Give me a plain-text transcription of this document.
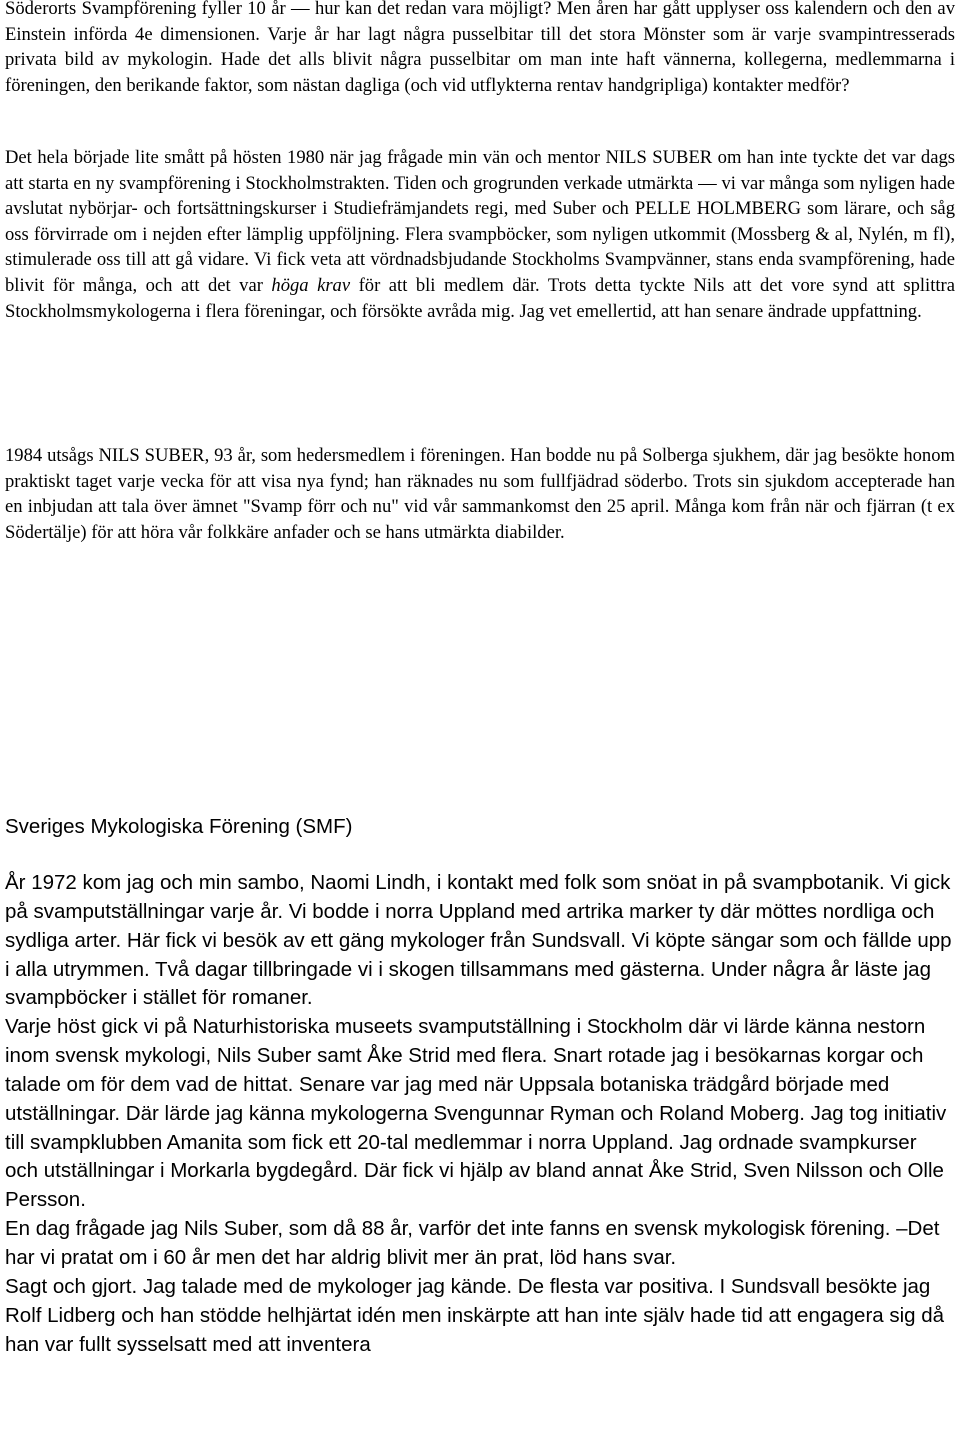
Söderorts Svampförening fyller 10 år — hur kan det redan vara möjligt? Men åren har gått upplyser oss kalendern och den av Einstein införda 4e dimensionen. Varje år har lagt några pusselbitar till det stora Mönster som är varje svampintresserads privata bild av mykologin. Hade det alls blivit några pusselbitar om man inte haft vännerna, kollegerna, medlemmarna i föreningen, den berikande faktor, som nästan dagliga (och vid utflykterna rentav handgripliga) kontakter medför?
Det hela började lite smått på hösten 1980 när jag frågade min vän och mentor NILS SUBER om han inte tyckte det var dags att starta en ny svampförening i Stockholmstrakten. Tiden och grogrunden verkade utmärkta — vi var många som nyligen hade avslutat nybörjar- och fortsättningskurser i Studiefrämjandets regi, med Suber och PELLE HOLMBERG som lärare, och såg oss förvirrade om i nejden efter lämplig uppföljning. Flera svampböcker, som nyligen utkommit (Mossberg & al, Nylén, m fl), stimulerade oss till att gå vidare. Vi fick veta att vördnadsbjudande Stockholms Svampvänner, stans enda svampförening, hade blivit för många, och att det var höga krav för att bli medlem där. Trots detta tyckte Nils att det vore synd att splittra Stockholmsmykologerna i flera föreningar, och försökte avråda mig. Jag vet emellertid, att han senare ändrade uppfattning.
1984 utsågs NILS SUBER, 93 år, som hedersmedlem i föreningen. Han bodde nu på Solberga sjukhem, där jag besökte honom praktiskt taget varje vecka för att visa nya fynd; han räknades nu som fullfjädrad söderbo. Trots sin sjukdom accepterade han en inbjudan att tala över ämnet "Svamp förr och nu" vid vår sammankomst den 25 april. Många kom från när och fjärran (t ex Södertälje) för att höra vår folkkäre anfader och se hans utmärkta diabilder.
Sveriges Mykologiska Förening (SMF)

År 1972 kom jag och min sambo, Naomi Lindh, i kontakt med folk som snöat in på svampbotanik. Vi gick på svamputställningar varje år. Vi bodde i norra Uppland med artrika marker ty där möttes nordliga och sydliga arter. Här fick vi besök av ett gäng mykologer från Sundsvall. Vi köpte sängar som och fällde upp i alla utrymmen. Två dagar tillbringade vi i skogen tillsammans med gästerna. Under några år läste jag svampböcker i stället för romaner.

Varje höst gick vi på Naturhistoriska museets svamputställning i Stockholm där vi lärde känna nestorn inom svensk mykologi, Nils Suber samt Åke Strid med flera. Snart rotade jag i besökarnas korgar och talade om för dem vad de hittat. Senare var jag med när Uppsala botaniska trädgård började med utställningar. Där lärde jag känna mykologerna Svengunnar Ryman och Roland Moberg. Jag tog initiativ till svampklubben Amanita som fick ett 20-tal medlemmar i norra Uppland. Jag ordnade svampkurser och utställningar i Morkarla bygdegård. Där fick vi hjälp av bland annat Åke Strid, Sven Nilsson och Olle Persson.

En dag frågade jag Nils Suber, som då 88 år, varför det inte fanns en svensk mykologisk förening. –Det har vi pratat om i 60 år men det har aldrig blivit mer än prat, löd hans svar.

Sagt och gjort. Jag talade med de mykologer jag kände. De flesta var positiva. I Sundsvall besökte jag Rolf Lidberg och han stödde helhjärtat idén men inskärpte att han inte själv hade tid att engagera sig då han var fullt sysselsatt med att inventera
